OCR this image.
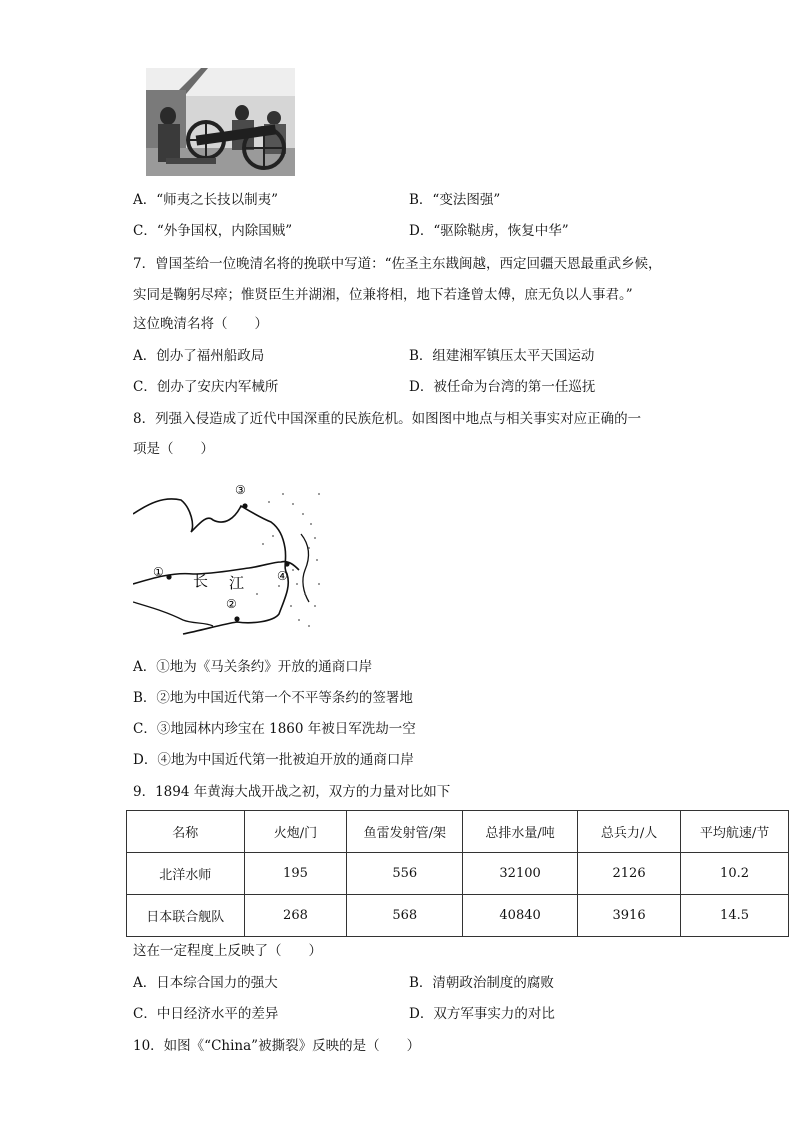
A．“师夷之长技以制夷”	B．“变法图强”
C．“外争国权，内除国贼”	D．“驱除鞑虏，恢复中华”
7．曾国荃给一位晚清名将的挽联中写道：“佐圣主东戡闽越，西定回疆天恩最重武乡候，
实同是鞠躬尽瘁；惟贤臣生并湖湘，位兼将相，地下若逢曾太傅，庶无负以人事君。”
这位晚清名将（　　）
A．创办了福州船政局	B．组建湘军镇压太平天国运动
C．创办了安庆内军械所	D．被任命为台湾的第一任巡抚
8．列强入侵造成了近代中国深重的民族危机。如图图中地点与相关事实对应正确的一
项是（　　）
③
①	④
②
长 江
A．①地为《马关条约》开放的通商口岸
B．②地为中国近代第一个不平等条约的签署地
C．③地园林内珍宝在 1860 年被日军洗劫一空
D．④地为中国近代第一批被迫开放的通商口岸
9．1894 年黄海大战开战之初，双方的力量对比如下
名称	火炮/门	鱼雷发射管/架	总排水量/吨	总兵力/人	平均航速/节
北洋水师	195	556	32100	2126	10.2
日本联合舰队	268	568	40840	3916	14.5
这在一定程度上反映了（　　）
A．日本综合国力的强大	B．清朝政治制度的腐败
C．中日经济水平的差异	D．双方军事实力的对比
10．如图《“China”被撕裂》反映的是（　　）
